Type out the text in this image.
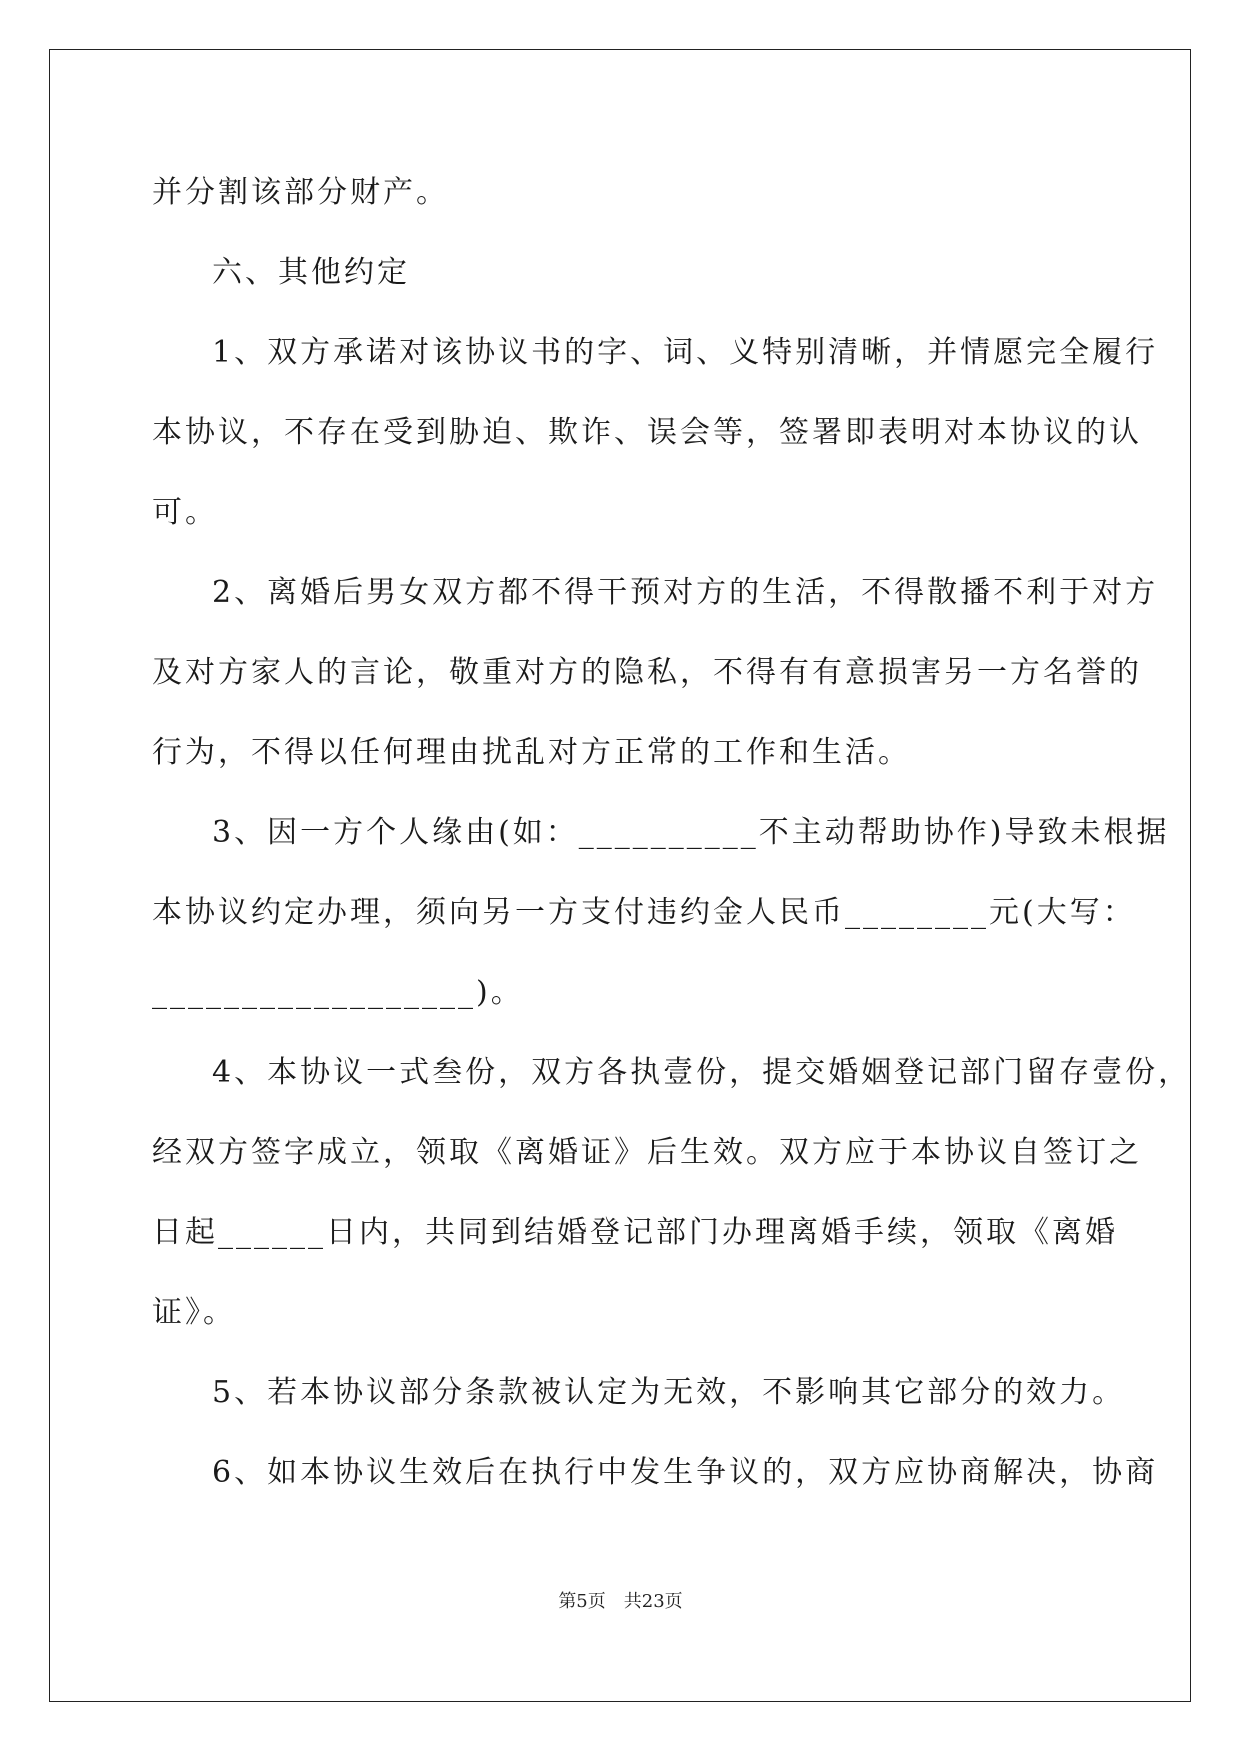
并分割该部分财产。
六、其他约定
1、双方承诺对该协议书的字、词、义特别清晰，并情愿完全履行
本协议，不存在受到胁迫、欺诈、误会等，签署即表明对本协议的认
可。
2、离婚后男女双方都不得干预对方的生活，不得散播不利于对方
及对方家人的言论，敬重对方的隐私，不得有有意损害另一方名誉的
行为，不得以任何理由扰乱对方正常的工作和生活。
3、因一方个人缘由(如：__________不主动帮助协作)导致未根据
本协议约定办理，须向另一方支付违约金人民币________元(大写：
__________________)。
4、本协议一式叁份，双方各执壹份，提交婚姻登记部门留存壹份，
经双方签字成立，领取《离婚证》后生效。双方应于本协议自签订之
日起______日内，共同到结婚登记部门办理离婚手续，领取《离婚
证》。
5、若本协议部分条款被认定为无效，不影响其它部分的效力。
6、如本协议生效后在执行中发生争议的，双方应协商解决，协商
第5页 共23页
